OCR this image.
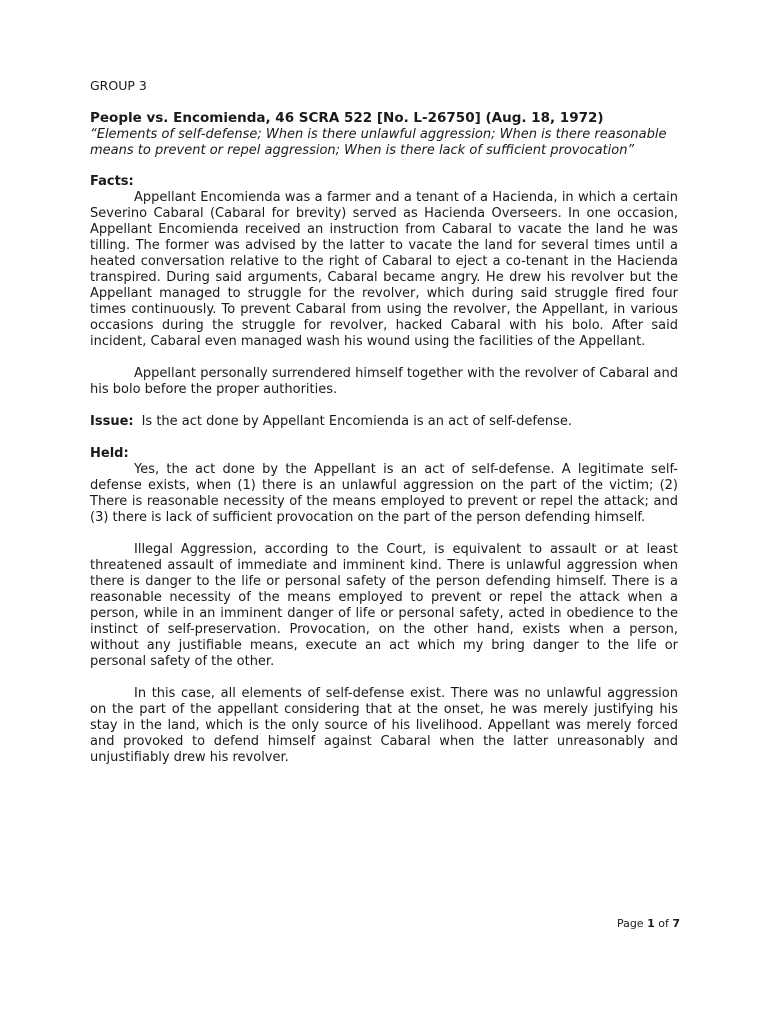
GROUP 3

People vs. Encomienda, 46 SCRA 522 [No. L-26750] (Aug. 18, 1972)

“Elements of self-defense; When is there unlawful aggression; When is there reasonable means to prevent or repel aggression; When is there lack of sufficient provocation”

Facts:

Appellant Encomienda was a farmer and a tenant of a Hacienda, in which a certain Severino Cabaral (Cabaral for brevity) served as Hacienda Overseers. In one occasion, Appellant Encomienda received an instruction from Cabaral to vacate the land he was tilling. The former was advised by the latter to vacate the land for several times until a heated conversation relative to the right of Cabaral to eject a co-tenant in the Hacienda transpired. During said arguments, Cabaral became angry. He drew his revolver but the Appellant managed to struggle for the revolver, which during said struggle fired four times continuously. To prevent Cabaral from using the revolver, the Appellant, in various occasions during the struggle for revolver, hacked Cabaral with his bolo. After said incident, Cabaral even managed wash his wound using the facilities of the Appellant.

Appellant personally surrendered himself together with the revolver of Cabaral and his bolo before the proper authorities.

Issue: Is the act done by Appellant Encomienda is an act of self-defense.

Held:

Yes, the act done by the Appellant is an act of self-defense. A legitimate self-defense exists, when (1) there is an unlawful aggression on the part of the victim; (2) There is reasonable necessity of the means employed to prevent or repel the attack; and (3) there is lack of sufficient provocation on the part of the person defending himself.

Illegal Aggression, according to the Court, is equivalent to assault or at least threatened assault of immediate and imminent kind. There is unlawful aggression when there is danger to the life or personal safety of the person defending himself. There is a reasonable necessity of the means employed to prevent or repel the attack when a person, while in an imminent danger of life or personal safety, acted in obedience to the instinct of self-preservation. Provocation, on the other hand, exists when a person, without any justifiable means, execute an act which my bring danger to the life or personal safety of the other.

In this case, all elements of self-defense exist. There was no unlawful aggression on the part of the appellant considering that at the onset, he was merely justifying his stay in the land, which is the only source of his livelihood. Appellant was merely forced and provoked to defend himself against Cabaral when the latter unreasonably and unjustifiably drew his revolver.

Page 1 of 7
